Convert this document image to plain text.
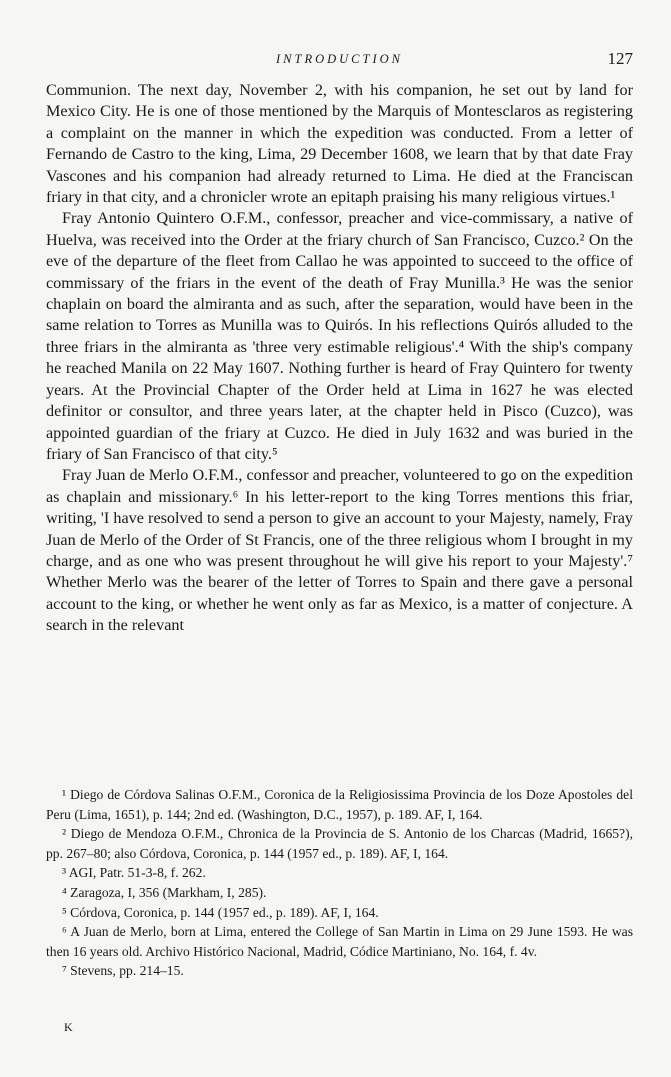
INTRODUCTION	127

Communion. The next day, November 2, with his companion, he set out by land for Mexico City. He is one of those mentioned by the Marquis of Montesclaros as registering a complaint on the manner in which the expedition was conducted. From a letter of Fernando de Castro to the king, Lima, 29 December 1608, we learn that by that date Fray Vascones and his companion had already returned to Lima. He died at the Franciscan friary in that city, and a chronicler wrote an epitaph praising his many religious virtues.¹

Fray Antonio Quintero O.F.M., confessor, preacher and vice-commissary, a native of Huelva, was received into the Order at the friary church of San Francisco, Cuzco.² On the eve of the departure of the fleet from Callao he was appointed to succeed to the office of commissary of the friars in the event of the death of Fray Munilla.³ He was the senior chaplain on board the almiranta and as such, after the separation, would have been in the same relation to Torres as Munilla was to Quirós. In his reflections Quirós alluded to the three friars in the almiranta as 'three very estimable religious'.⁴ With the ship's company he reached Manila on 22 May 1607. Nothing further is heard of Fray Quintero for twenty years. At the Provincial Chapter of the Order held at Lima in 1627 he was elected definitor or consultor, and three years later, at the chapter held in Pisco (Cuzco), was appointed guardian of the friary at Cuzco. He died in July 1632 and was buried in the friary of San Francisco of that city.⁵

Fray Juan de Merlo O.F.M., confessor and preacher, volunteered to go on the expedition as chaplain and missionary.⁶ In his letter-report to the king Torres mentions this friar, writing, 'I have resolved to send a person to give an account to your Majesty, namely, Fray Juan de Merlo of the Order of St Francis, one of the three religious whom I brought in my charge, and as one who was present throughout he will give his report to your Majesty'.⁷ Whether Merlo was the bearer of the letter of Torres to Spain and there gave a personal account to the king, or whether he went only as far as Mexico, is a matter of conjecture. A search in the relevant

¹ Diego de Córdova Salinas O.F.M., Coronica de la Religiosissima Provincia de los Doze Apostoles del Peru (Lima, 1651), p. 144; 2nd ed. (Washington, D.C., 1957), p. 189. AF, I, 164.

² Diego de Mendoza O.F.M., Chronica de la Provincia de S. Antonio de los Charcas (Madrid, 1665?), pp. 267–80; also Córdova, Coronica, p. 144 (1957 ed., p. 189). AF, I, 164.

³ AGI, Patr. 51-3-8, f. 262.

⁴ Zaragoza, I, 356 (Markham, I, 285).

⁵ Córdova, Coronica, p. 144 (1957 ed., p. 189). AF, I, 164.

⁶ A Juan de Merlo, born at Lima, entered the College of San Martin in Lima on 29 June 1593. He was then 16 years old. Archivo Histórico Nacional, Madrid, Códice Martiniano, No. 164, f. 4v.

⁷ Stevens, pp. 214–15.

K
